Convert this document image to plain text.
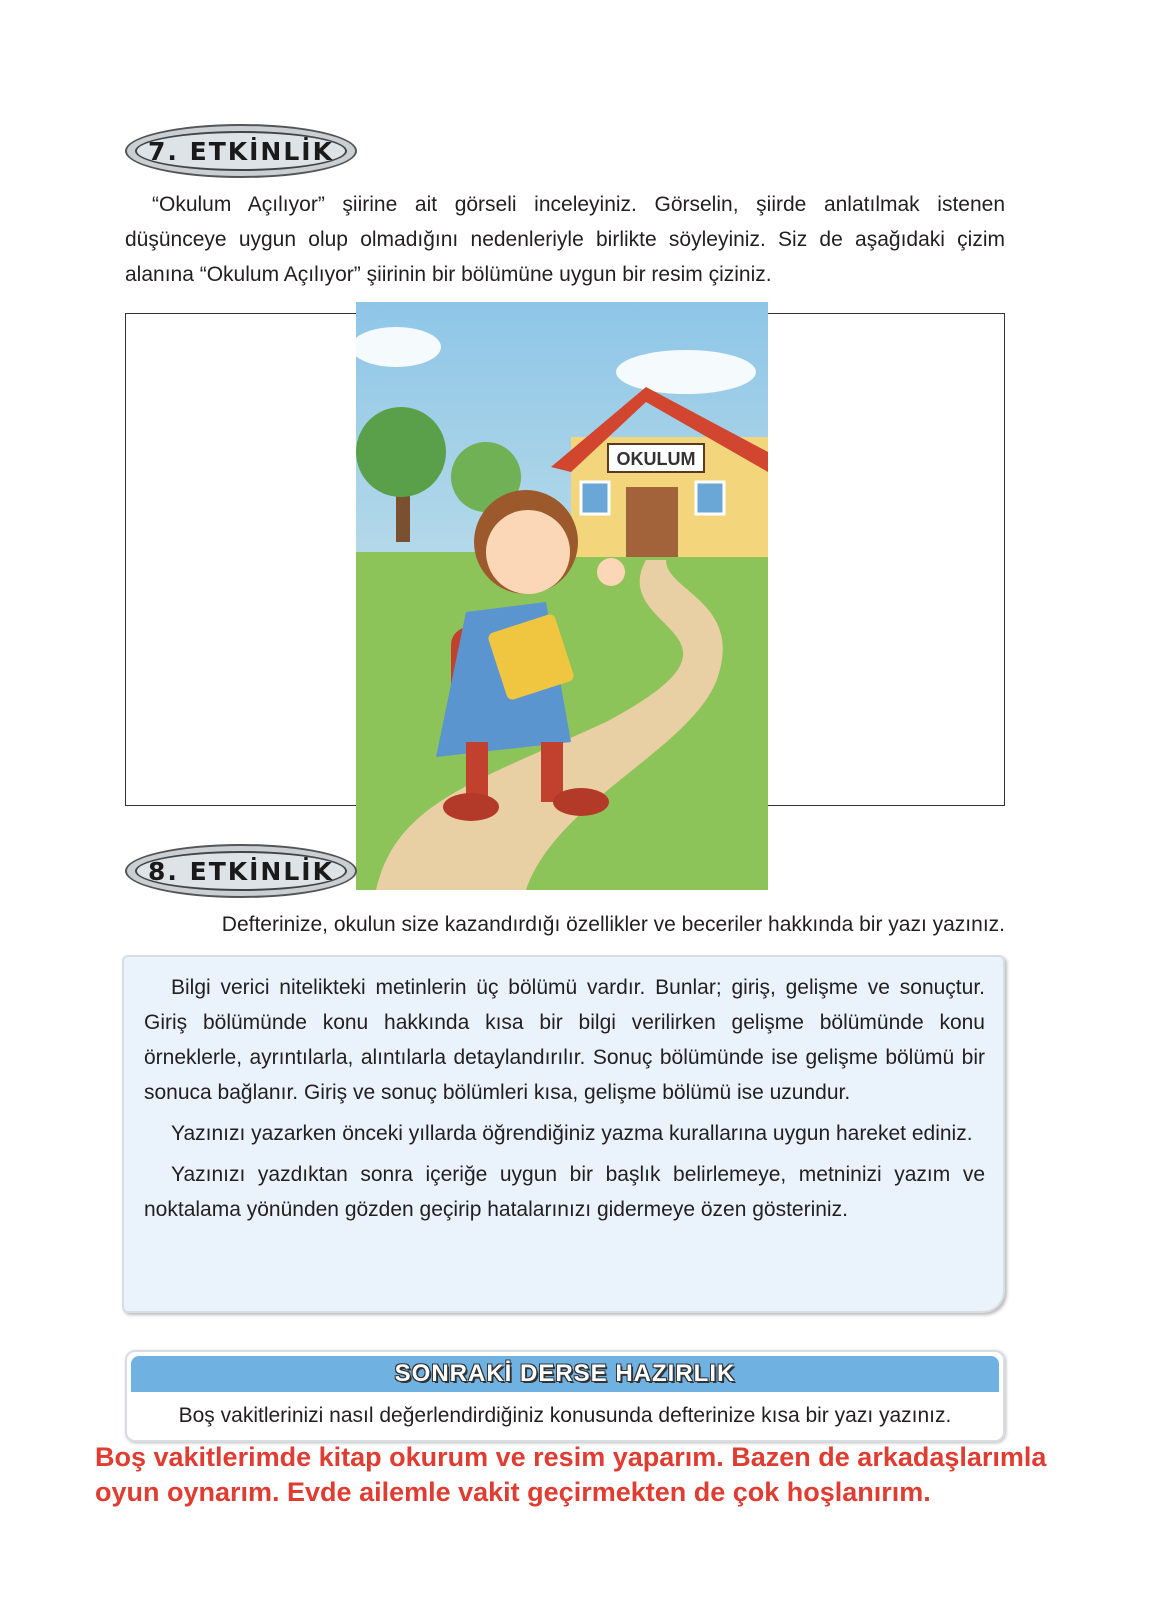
7. ETKİNLİK

“Okulum Açılıyor” şiirine ait görseli inceleyiniz. Görselin, şiirde anlatılmak istenen düşünceye uygun olup olmadığını nedenleriyle birlikte söyleyiniz. Siz de aşağıdaki çizim alanına “Okulum Açılıyor” şiirinin bir bölümüne uygun bir resim çiziniz.

OKULUM
8. ETKİNLİK
Defterinize, okulun size kazandırdığı özellikler ve beceriler hakkında bir yazı yazınız.

Bilgi verici nitelikteki metinlerin üç bölümü vardır. Bunlar; giriş, gelişme ve sonuçtur. Giriş bölümünde konu hakkında kısa bir bilgi verilirken gelişme bölümünde konu örneklerle, ayrıntılarla, alıntılarla detaylandırılır. Sonuç bölümünde ise gelişme bölümü bir sonuca bağlanır. Giriş ve sonuç bölümleri kısa, gelişme bölümü ise uzundur.

Yazınızı yazarken önceki yıllarda öğrendiğiniz yazma kurallarına uygun hareket ediniz.

Yazınızı yazdıktan sonra içeriğe uygun bir başlık belirlemeye, metninizi yazım ve noktalama yönünden gözden geçirip hatalarınızı gidermeye özen gösteriniz.

SONRAKİ DERSE HAZIRLIK
Boş vakitlerinizi nasıl değerlendirdiğiniz konusunda defterinize kısa bir yazı yazınız.
Boş vakitlerimde kitap okurum ve resim yaparım. Bazen de arkadaşlarımla
oyun oynarım. Evde ailemle vakit geçirmekten de çok hoşlanırım.
